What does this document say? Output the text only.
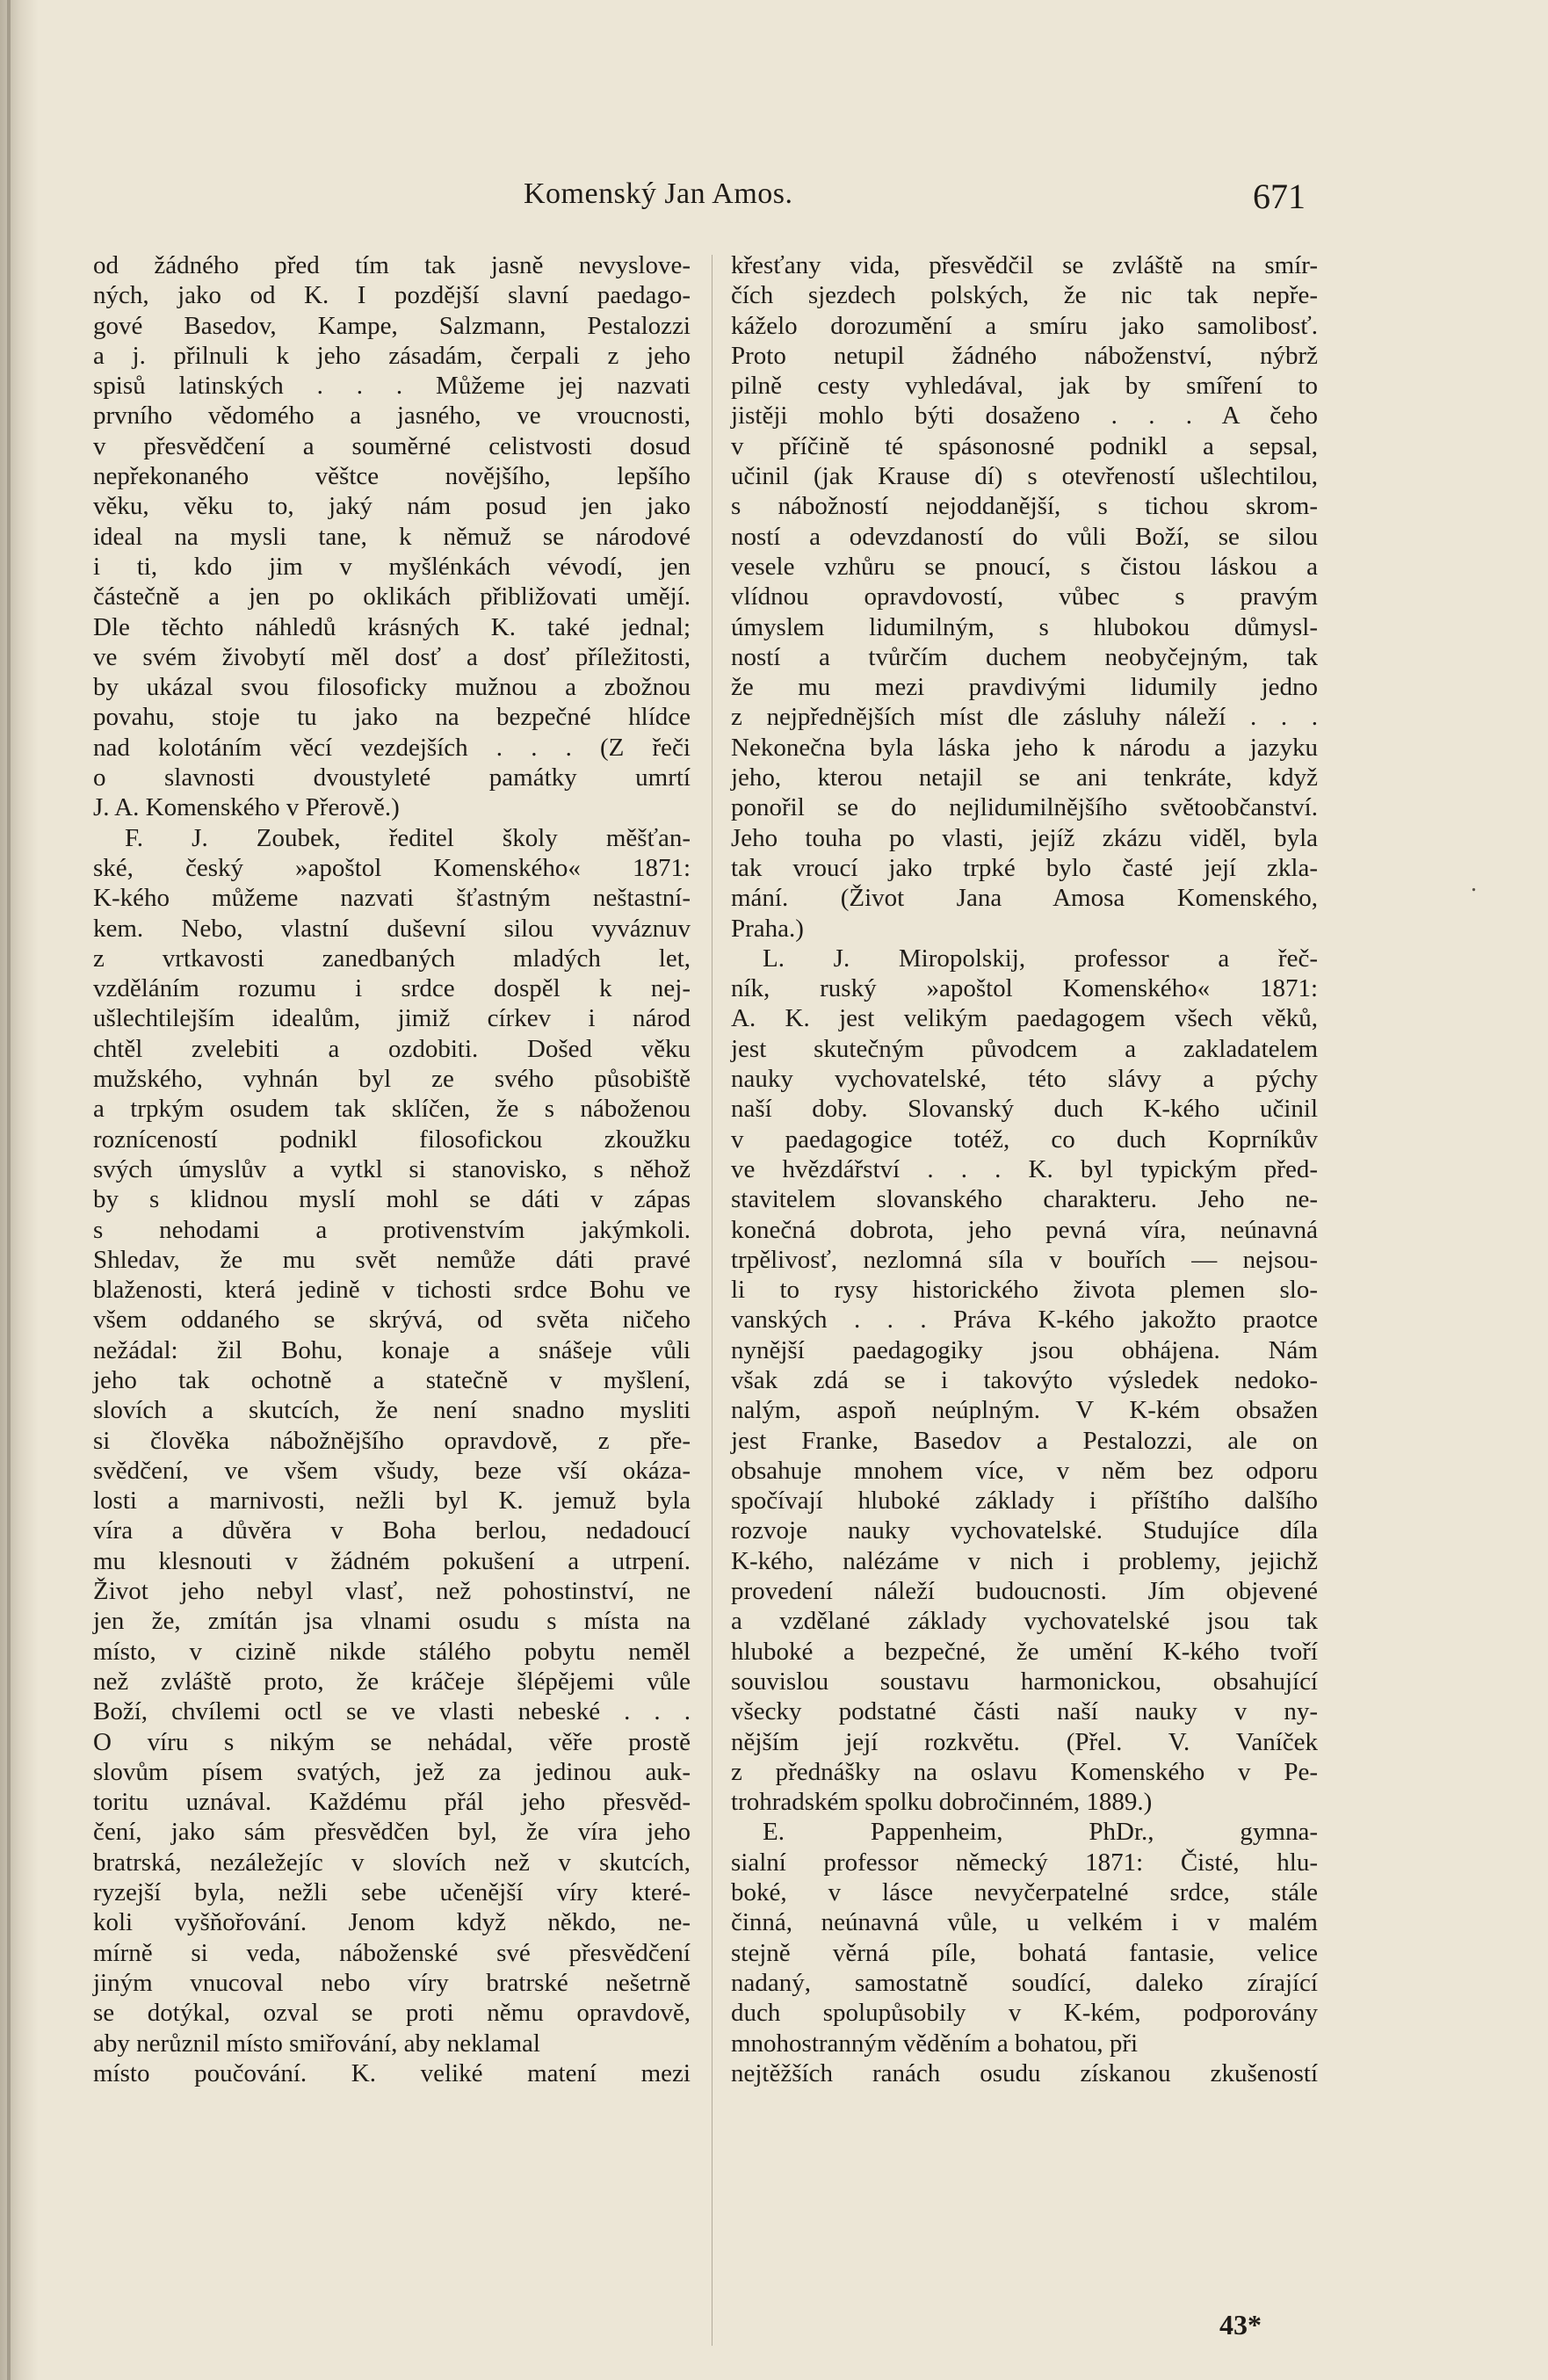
Komenský Jan Amos.	671
od žádného před tím tak jasně nevyslove-
ných, jako od K. I pozdější slavní paedago-
gové Basedov, Kampe, Salzmann, Pestalozzi
a j. přilnuli k jeho zásadám, čerpali z jeho
spisů latinských . . . Můžeme jej nazvati
prvního vědomého a jasného, ve vroucnosti,
v přesvědčení a souměrné celistvosti dosud
nepřekonaného věštce novějšího, lepšího
věku, věku to, jaký nám posud jen jako
ideal na mysli tane, k němuž se národové
i ti, kdo jim v myšlénkách vévodí, jen
částečně a jen po oklikách přibližovati umějí.
Dle těchto náhledů krásných K. také jednal;
ve svém živobytí měl dosť a dosť příležitosti,
by ukázal svou filosoficky mužnou a zbožnou
povahu, stoje tu jako na bezpečné hlídce
nad kolotáním věcí vezdejších . . . (Z řeči
o slavnosti dvoustyleté památky umrtí
J. A. Komenského v Přerově.)
F. J. Zoubek, ředitel školy měšťan-
ské, český »apoštol Komenského« 1871:
K-kého můžeme nazvati šťastným neštastní-
kem. Nebo, vlastní duševní silou vyváznuv
z vrtkavosti zanedbaných mladých let,
vzděláním rozumu i srdce dospěl k nej-
ušlechtilejším idealům, jimiž církev i národ
chtěl zvelebiti a ozdobiti. Došed věku
mužského, vyhnán byl ze svého působiště
a trpkým osudem tak sklíčen, že s náboženou
rozníceností podnikl filosofickou zkoužku
svých úmyslův a vytkl si stanovisko, s něhož
by s klidnou myslí mohl se dáti v zápas
s nehodami a protivenstvím jakýmkoli.
Shledav, že mu svět nemůže dáti pravé
blaženosti, která jedině v tichosti srdce Bohu ve
všem oddaného se skrývá, od světa ničeho
nežádal: žil Bohu, konaje a snášeje vůli
jeho tak ochotně a statečně v myšlení,
slovích a skutcích, že není snadno mysliti
si člověka nábožnějšího opravdově, z pře-
svědčení, ve všem všudy, beze vší okáza-
losti a marnivosti, nežli byl K. jemuž byla
víra a důvěra v Boha berlou, nedadoucí
mu klesnouti v žádném pokušení a utrpení.
Život jeho nebyl vlasť, než pohostinství, ne
jen že, zmítán jsa vlnami osudu s místa na
místo, v cizině nikde stálého pobytu neměl
než zvláště proto, že kráčeje šlépějemi vůle
Boží, chvílemi octl se ve vlasti nebeské . . .
O víru s nikým se nehádal, věře prostě
slovům písem svatých, jež za jedinou auk-
toritu uznával. Každému přál jeho přesvěd-
čení, jako sám přesvědčen byl, že víra jeho
bratrská, nezáležejíc v slovích než v skutcích,
ryzejší byla, nežli sebe učenější víry které-
koli vyšňořování. Jenom když někdo, ne-
mírně si veda, náboženské své přesvědčení
jiným vnucoval nebo víry bratrské nešetrně
se dotýkal, ozval se proti němu opravdově,
aby nerůznil místo smiřování, aby neklamal
místo poučování. K. veliké matení mezi
křesťany vida, přesvědčil se zvláště na smír-
čích sjezdech polských, že nic tak nepře-
káželo dorozumění a smíru jako samolibosť.
Proto netupil žádného náboženství, nýbrž
pilně cesty vyhledával, jak by smíření to
jistěji mohlo býti dosaženo . . . A čeho
v příčině té spásonosné podnikl a sepsal,
učinil (jak Krause dí) s otevřeností ušlechtilou,
s nábožností nejoddanější, s tichou skrom-
ností a odevzdaností do vůli Boží, se silou
vesele vzhůru se pnoucí, s čistou láskou a
vlídnou opravdovostí, vůbec s pravým
úmyslem lidumilným, s hlubokou důmysl-
ností a tvůrčím duchem neobyčejným, tak
že mu mezi pravdivými lidumily jedno
z nejpřednějších míst dle zásluhy náleží . . .
Nekonečna byla láska jeho k národu a jazyku
jeho, kterou netajil se ani tenkráte, když
ponořil se do nejlidumilnějšího světoobčanství.
Jeho touha po vlasti, jejíž zkázu viděl, byla
tak vroucí jako trpké bylo časté její zkla-
mání. (Život Jana Amosa Komenského,
Praha.)
L. J. Miropolskij, professor a řeč-
ník, ruský »apoštol Komenského« 1871:
A. K. jest velikým paedagogem všech věků,
jest skutečným původcem a zakladatelem
nauky vychovatelské, této slávy a pýchy
naší doby. Slovanský duch K-kého učinil
v paedagogice totéž, co duch Koprníkův
ve hvězdářství . . . K. byl typickým před-
stavitelem slovanského charakteru. Jeho ne-
konečná dobrota, jeho pevná víra, neúnavná
trpělivosť, nezlomná síla v bouřích — nejsou-
li to rysy historického života plemen slo-
vanských . . . Práva K-kého jakožto praotce
nynější paedagogiky jsou obhájena. Nám
však zdá se i takovýto výsledek nedoko-
nalým, aspoň neúplným. V K-kém obsažen
jest Franke, Basedov a Pestalozzi, ale on
obsahuje mnohem více, v něm bez odporu
spočívají hluboké základy i příštího dalšího
rozvoje nauky vychovatelské. Studujíce díla
K-kého, nalézáme v nich i problemy, jejichž
provedení náleží budoucnosti. Jím objevené
a vzdělané základy vychovatelské jsou tak
hluboké a bezpečné, že umění K-kého tvoří
souvislou soustavu harmonickou, obsahující
všecky podstatné části naší nauky v ny-
nějším její rozkvětu. (Přel. V. Vaníček
z přednášky na oslavu Komenského v Pe-
trohradském spolku dobročinném, 1889.)
E. Pappenheim, PhDr., gymna-
sialní professor německý 1871: Čisté, hlu-
boké, v lásce nevyčerpatelné srdce, stále
činná, neúnavná vůle, u velkém i v malém
stejně věrná píle, bohatá fantasie, velice
nadaný, samostatně soudící, daleko zírající
duch spolupůsobily v K-kém, podporovány
mnohostranným věděním a bohatou, při
nejtěžších ranách osudu získanou zkušeností
.
43*
